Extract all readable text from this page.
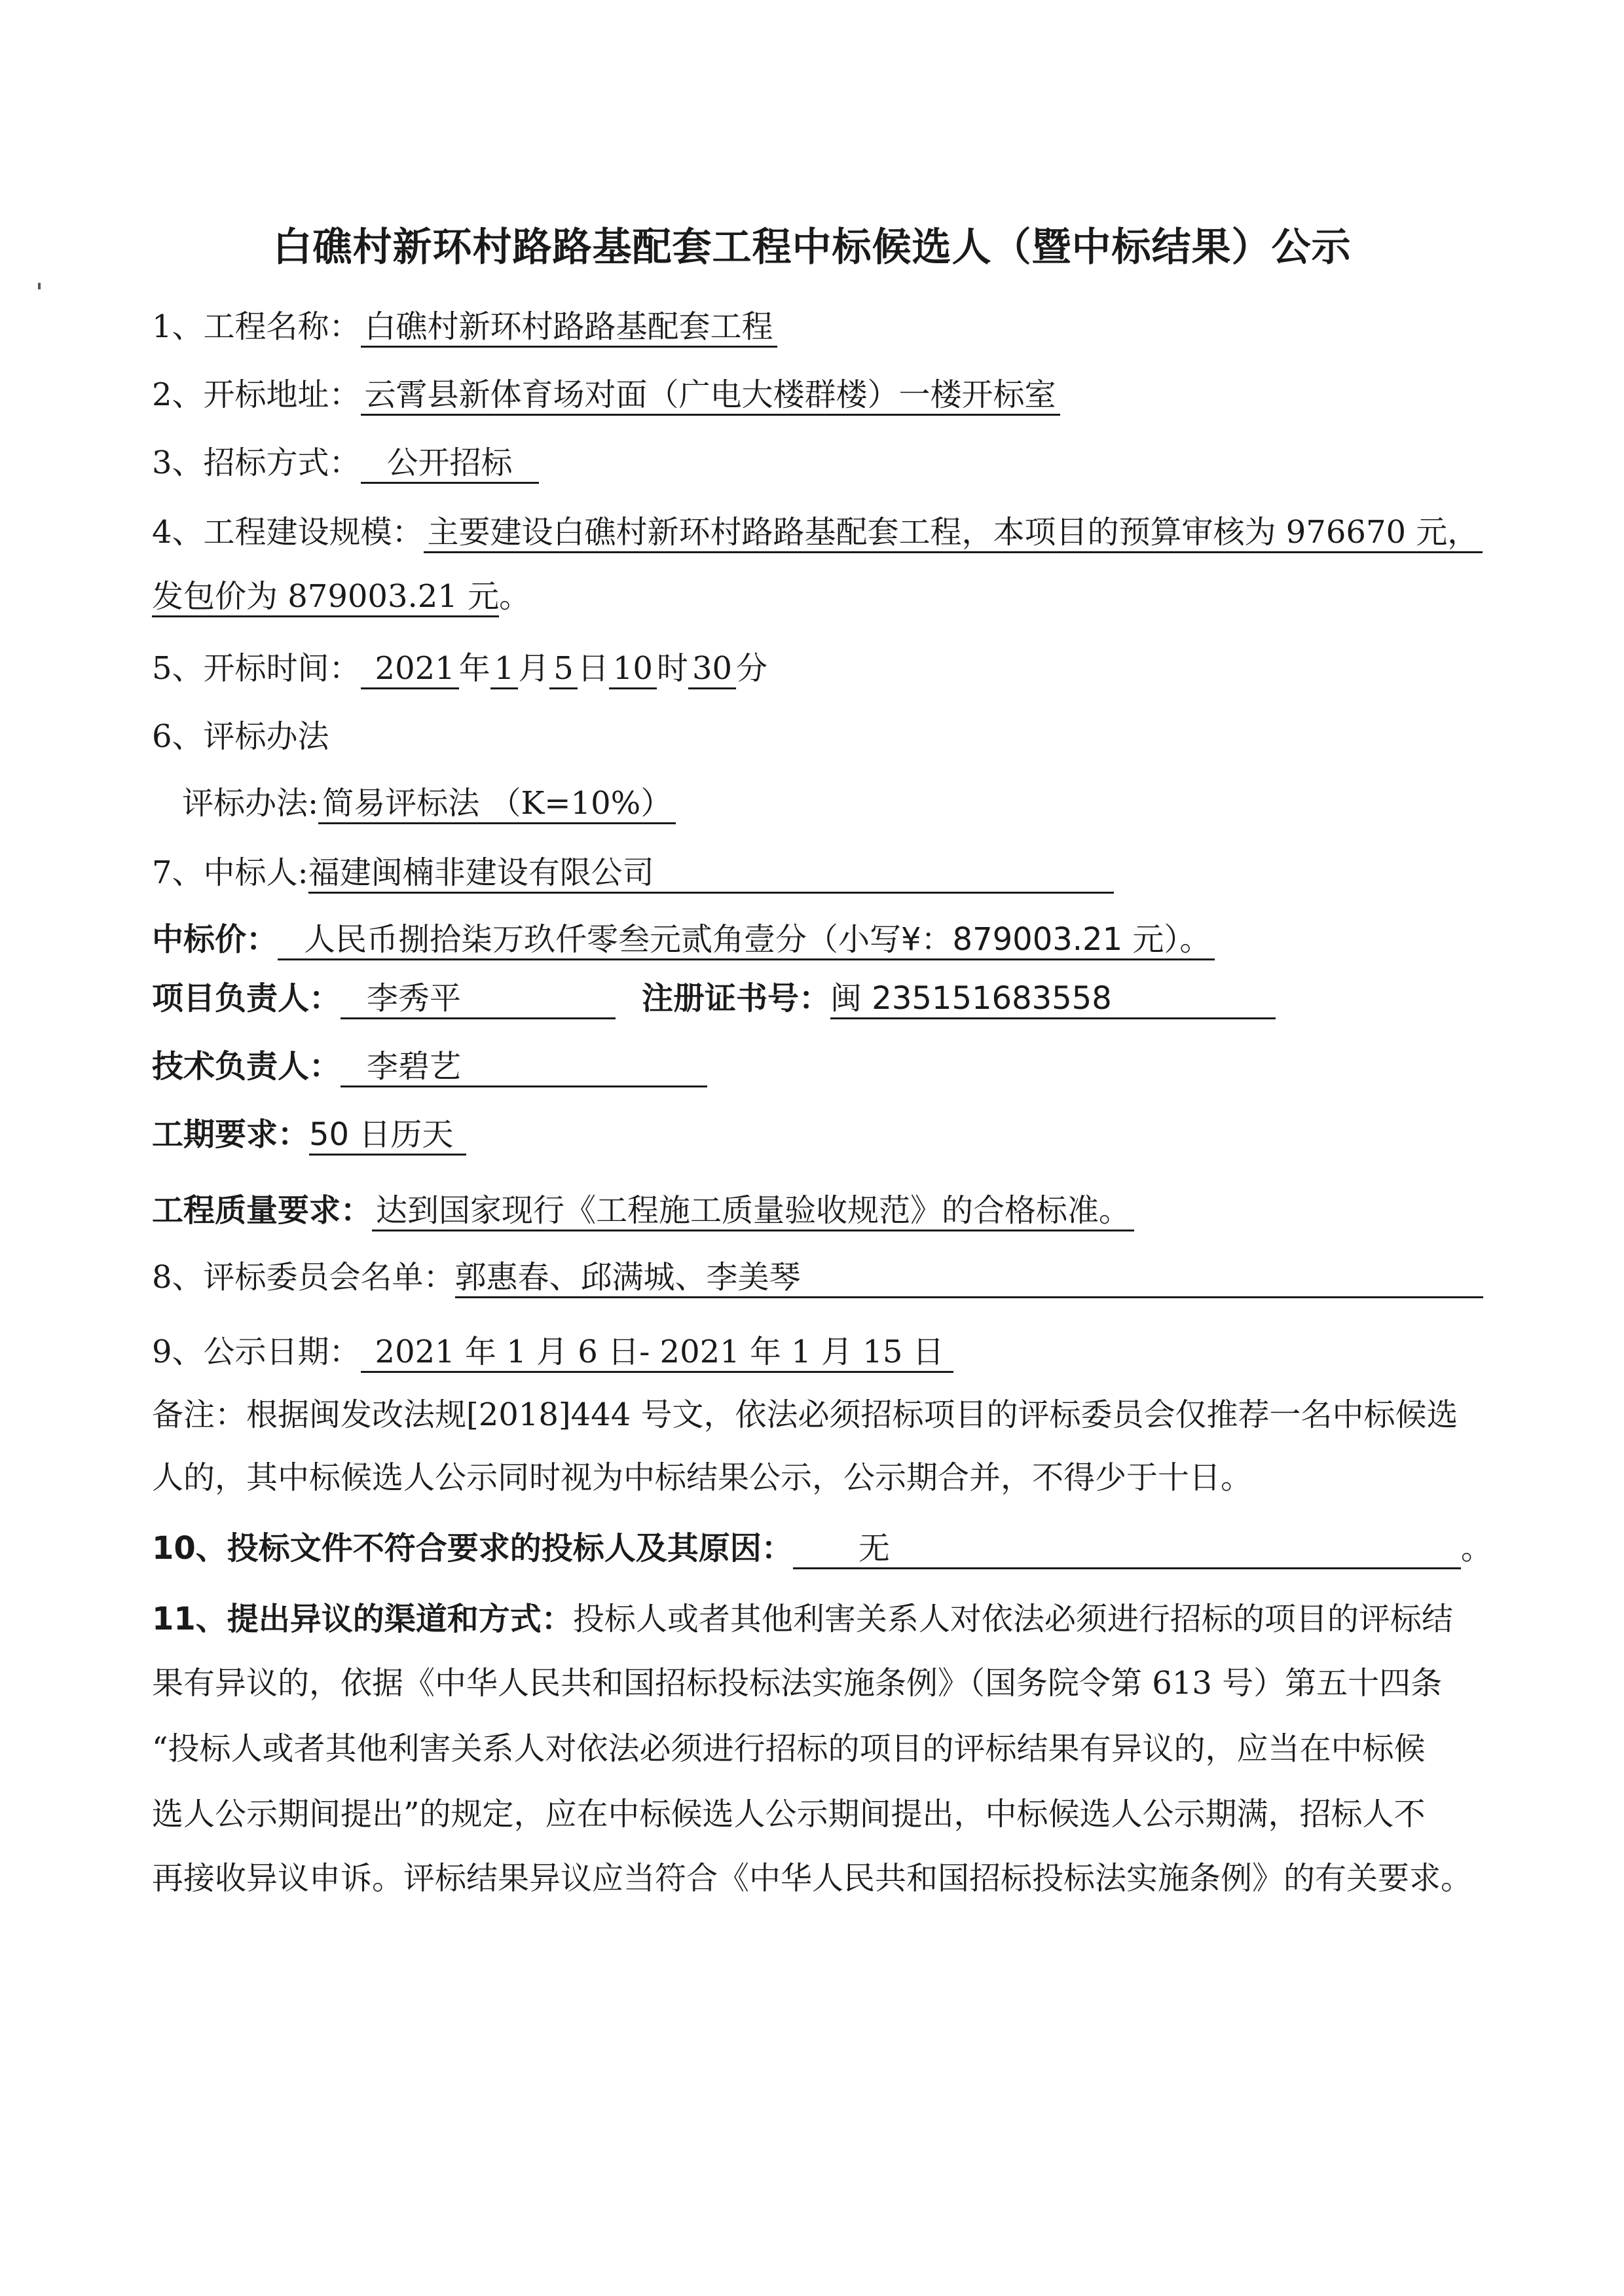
白礁村新环村路路基配套工程中标候选人（暨中标结果）公示
1、工程名称： 白礁村新环村路路基配套工程
2、开标地址： 云霄县新体育场对面（广电大楼群楼）一楼开标室
3、招标方式： 公开招标
4、工程建设规模： 主要建设白礁村新环村路路基配套工程，本项目的预算审核为 976670 元，
发包价为 879003.21 元。
5、开标时间： 2021 年 1 月 5 日 10 时 30 分
6、评标办法
评标办法: 简易评标法 （K=10%）
7、中标人:福建闽楠非建设有限公司
中标价： 人民币捌拾柒万玖仟零叁元贰角壹分（小写¥：879003.21 元）。
项目负责人： 李秀平	注册证书号：闽 235151683558
技术负责人： 李碧艺
工期要求：50 日历天
工程质量要求： 达到国家现行《工程施工质量验收规范》的合格标准。
8、评标委员会名单：郭惠春、邱满城、李美琴
9、公示日期： 2021 年 1 月 6 日- 2021 年 1 月 15 日
备注：根据闽发改法规[2018]444 号文，依法必须招标项目的评标委员会仅推荐一名中标候选
人的，其中标候选人公示同时视为中标结果公示，公示期合并，不得少于十日。
10、投标文件不符合要求的投标人及其原因： 无	。
11、提出异议的渠道和方式：投标人或者其他利害关系人对依法必须进行招标的项目的评标结
果有异议的，依据《中华人民共和国招标投标法实施条例》（国务院令第 613 号）第五十四条
“投标人或者其他利害关系人对依法必须进行招标的项目的评标结果有异议的，应当在中标候
选人公示期间提出”的规定，应在中标候选人公示期间提出，中标候选人公示期满，招标人不
再接收异议申诉。评标结果异议应当符合《中华人民共和国招标投标法实施条例》的有关要求。
